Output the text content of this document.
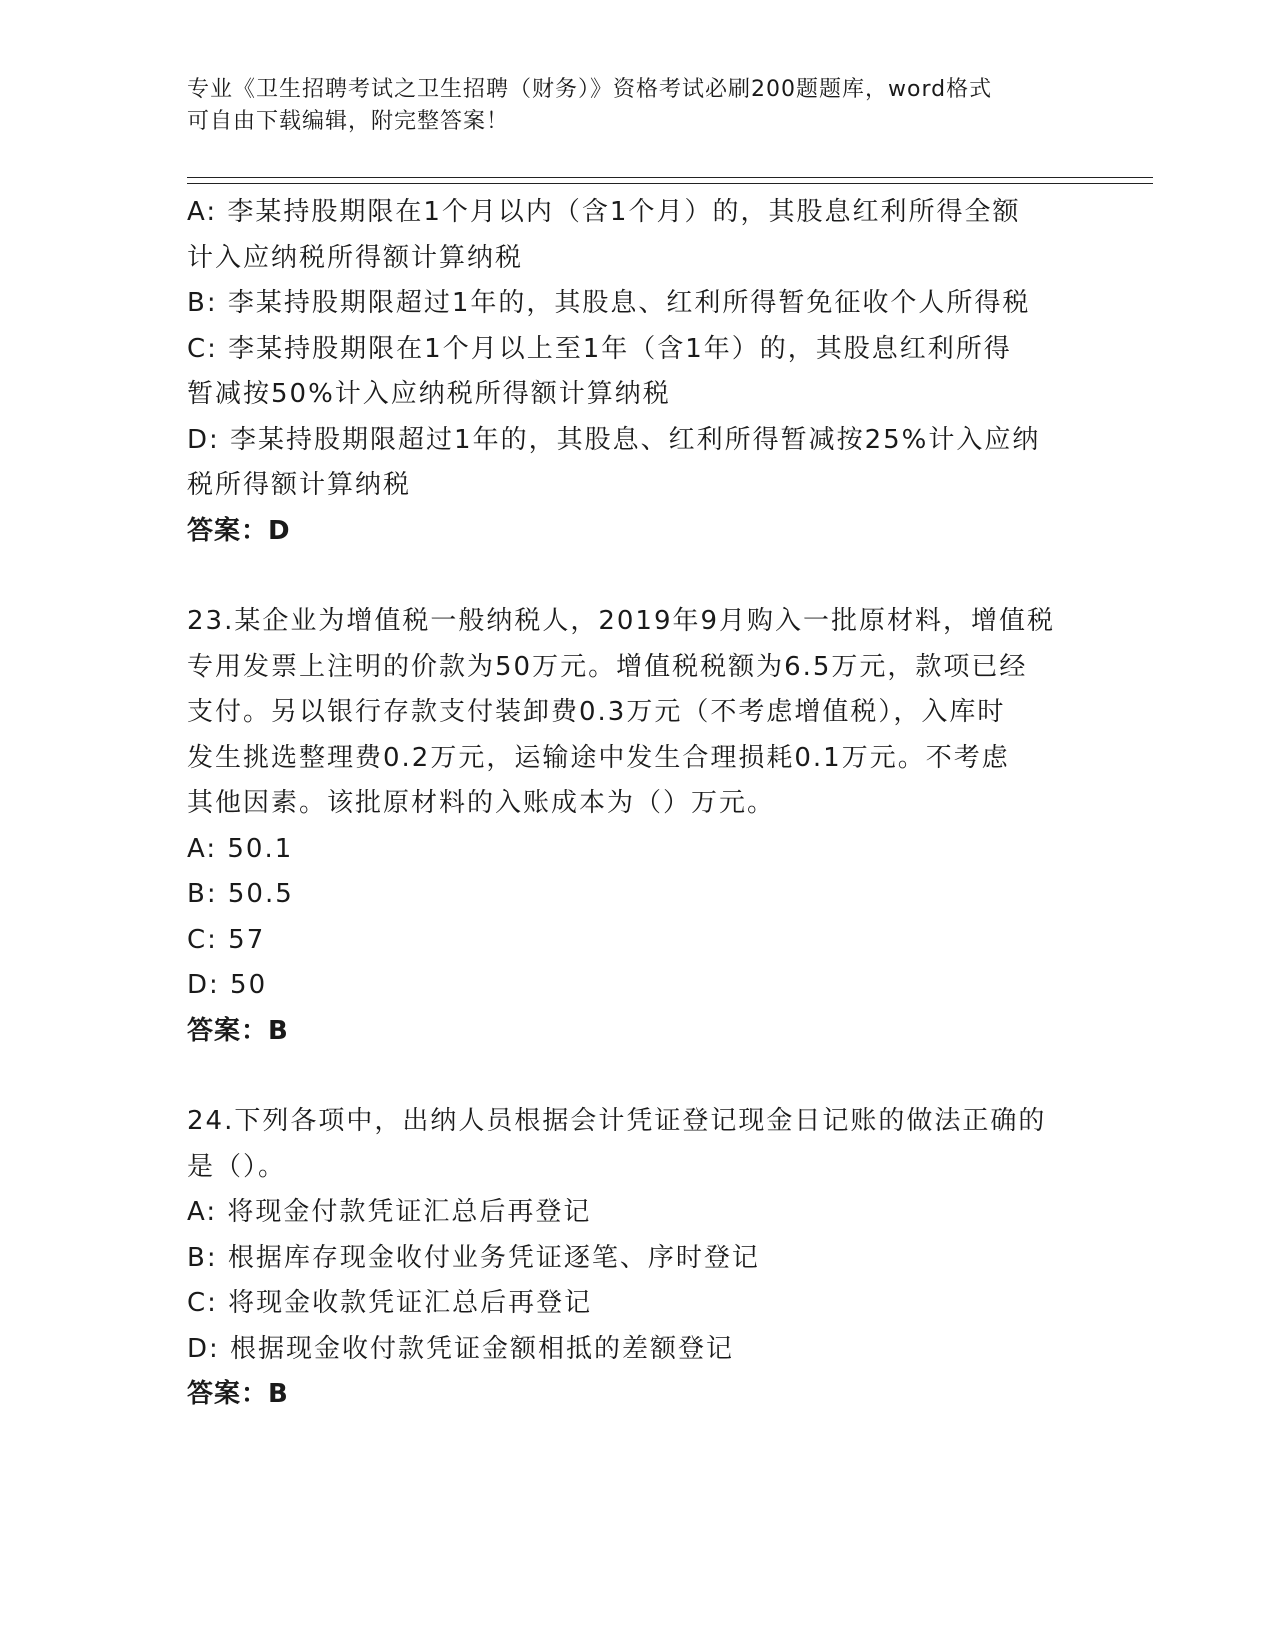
专业《卫生招聘考试之卫生招聘（财务）》资格考试必刷200题题库，word格式
可自由下载编辑，附完整答案！
A: 李某持股期限在1个月以内（含1个月）的，其股息红利所得全额
计入应纳税所得额计算纳税
B: 李某持股期限超过1年的，其股息、红利所得暂免征收个人所得税
C: 李某持股期限在1个月以上至1年（含1年）的，其股息红利所得
暂减按50%计入应纳税所得额计算纳税
D: 李某持股期限超过1年的，其股息、红利所得暂减按25%计入应纳
税所得额计算纳税
答案：D
23.某企业为增值税一般纳税人，2019年9月购入一批原材料，增值税
专用发票上注明的价款为50万元。增值税税额为6.5万元，款项已经
支付。另以银行存款支付装卸费0.3万元（不考虑增值税），入库时
发生挑选整理费0.2万元，运输途中发生合理损耗0.1万元。不考虑
其他因素。该批原材料的入账成本为（）万元。
A: 50.1
B: 50.5
C: 57
D: 50
答案：B
24.下列各项中，出纳人员根据会计凭证登记现金日记账的做法正确的
是（）。
A: 将现金付款凭证汇总后再登记
B: 根据库存现金收付业务凭证逐笔、序时登记
C: 将现金收款凭证汇总后再登记
D: 根据现金收付款凭证金额相抵的差额登记
答案：B
